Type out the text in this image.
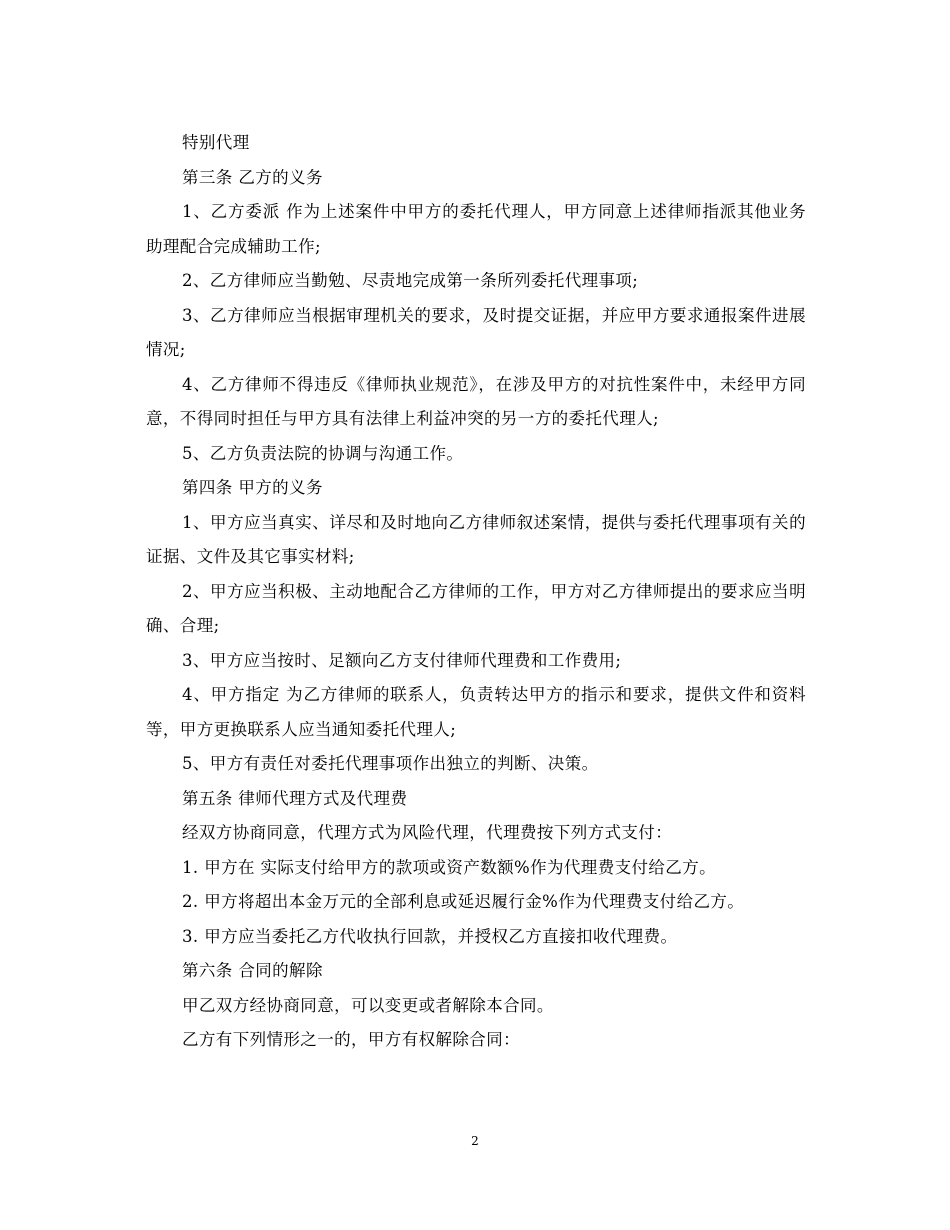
特别代理

第三条 乙方的义务

1、乙方委派 作为上述案件中甲方的委托代理人，甲方同意上述律师指派其他业务助理配合完成辅助工作;

2、乙方律师应当勤勉、尽责地完成第一条所列委托代理事项;

3、乙方律师应当根据审理机关的要求，及时提交证据，并应甲方要求通报案件进展情况;

4、乙方律师不得违反《律师执业规范》，在涉及甲方的对抗性案件中，未经甲方同意，不得同时担任与甲方具有法律上利益冲突的另一方的委托代理人;

5、乙方负责法院的协调与沟通工作。

第四条 甲方的义务

1、甲方应当真实、详尽和及时地向乙方律师叙述案情，提供与委托代理事项有关的证据、文件及其它事实材料;

2、甲方应当积极、主动地配合乙方律师的工作，甲方对乙方律师提出的要求应当明确、合理;

3、甲方应当按时、足额向乙方支付律师代理费和工作费用;

4、甲方指定 为乙方律师的联系人，负责转达甲方的指示和要求，提供文件和资料等，甲方更换联系人应当通知委托代理人;

5、甲方有责任对委托代理事项作出独立的判断、决策。

第五条 律师代理方式及代理费

经双方协商同意，代理方式为风险代理，代理费按下列方式支付：

1. 甲方在 实际支付给甲方的款项或资产数额%作为代理费支付给乙方。

2. 甲方将超出本金万元的全部利息或延迟履行金%作为代理费支付给乙方。

3. 甲方应当委托乙方代收执行回款，并授权乙方直接扣收代理费。

第六条 合同的解除

甲乙双方经协商同意，可以变更或者解除本合同。

乙方有下列情形之一的，甲方有权解除合同：

2
